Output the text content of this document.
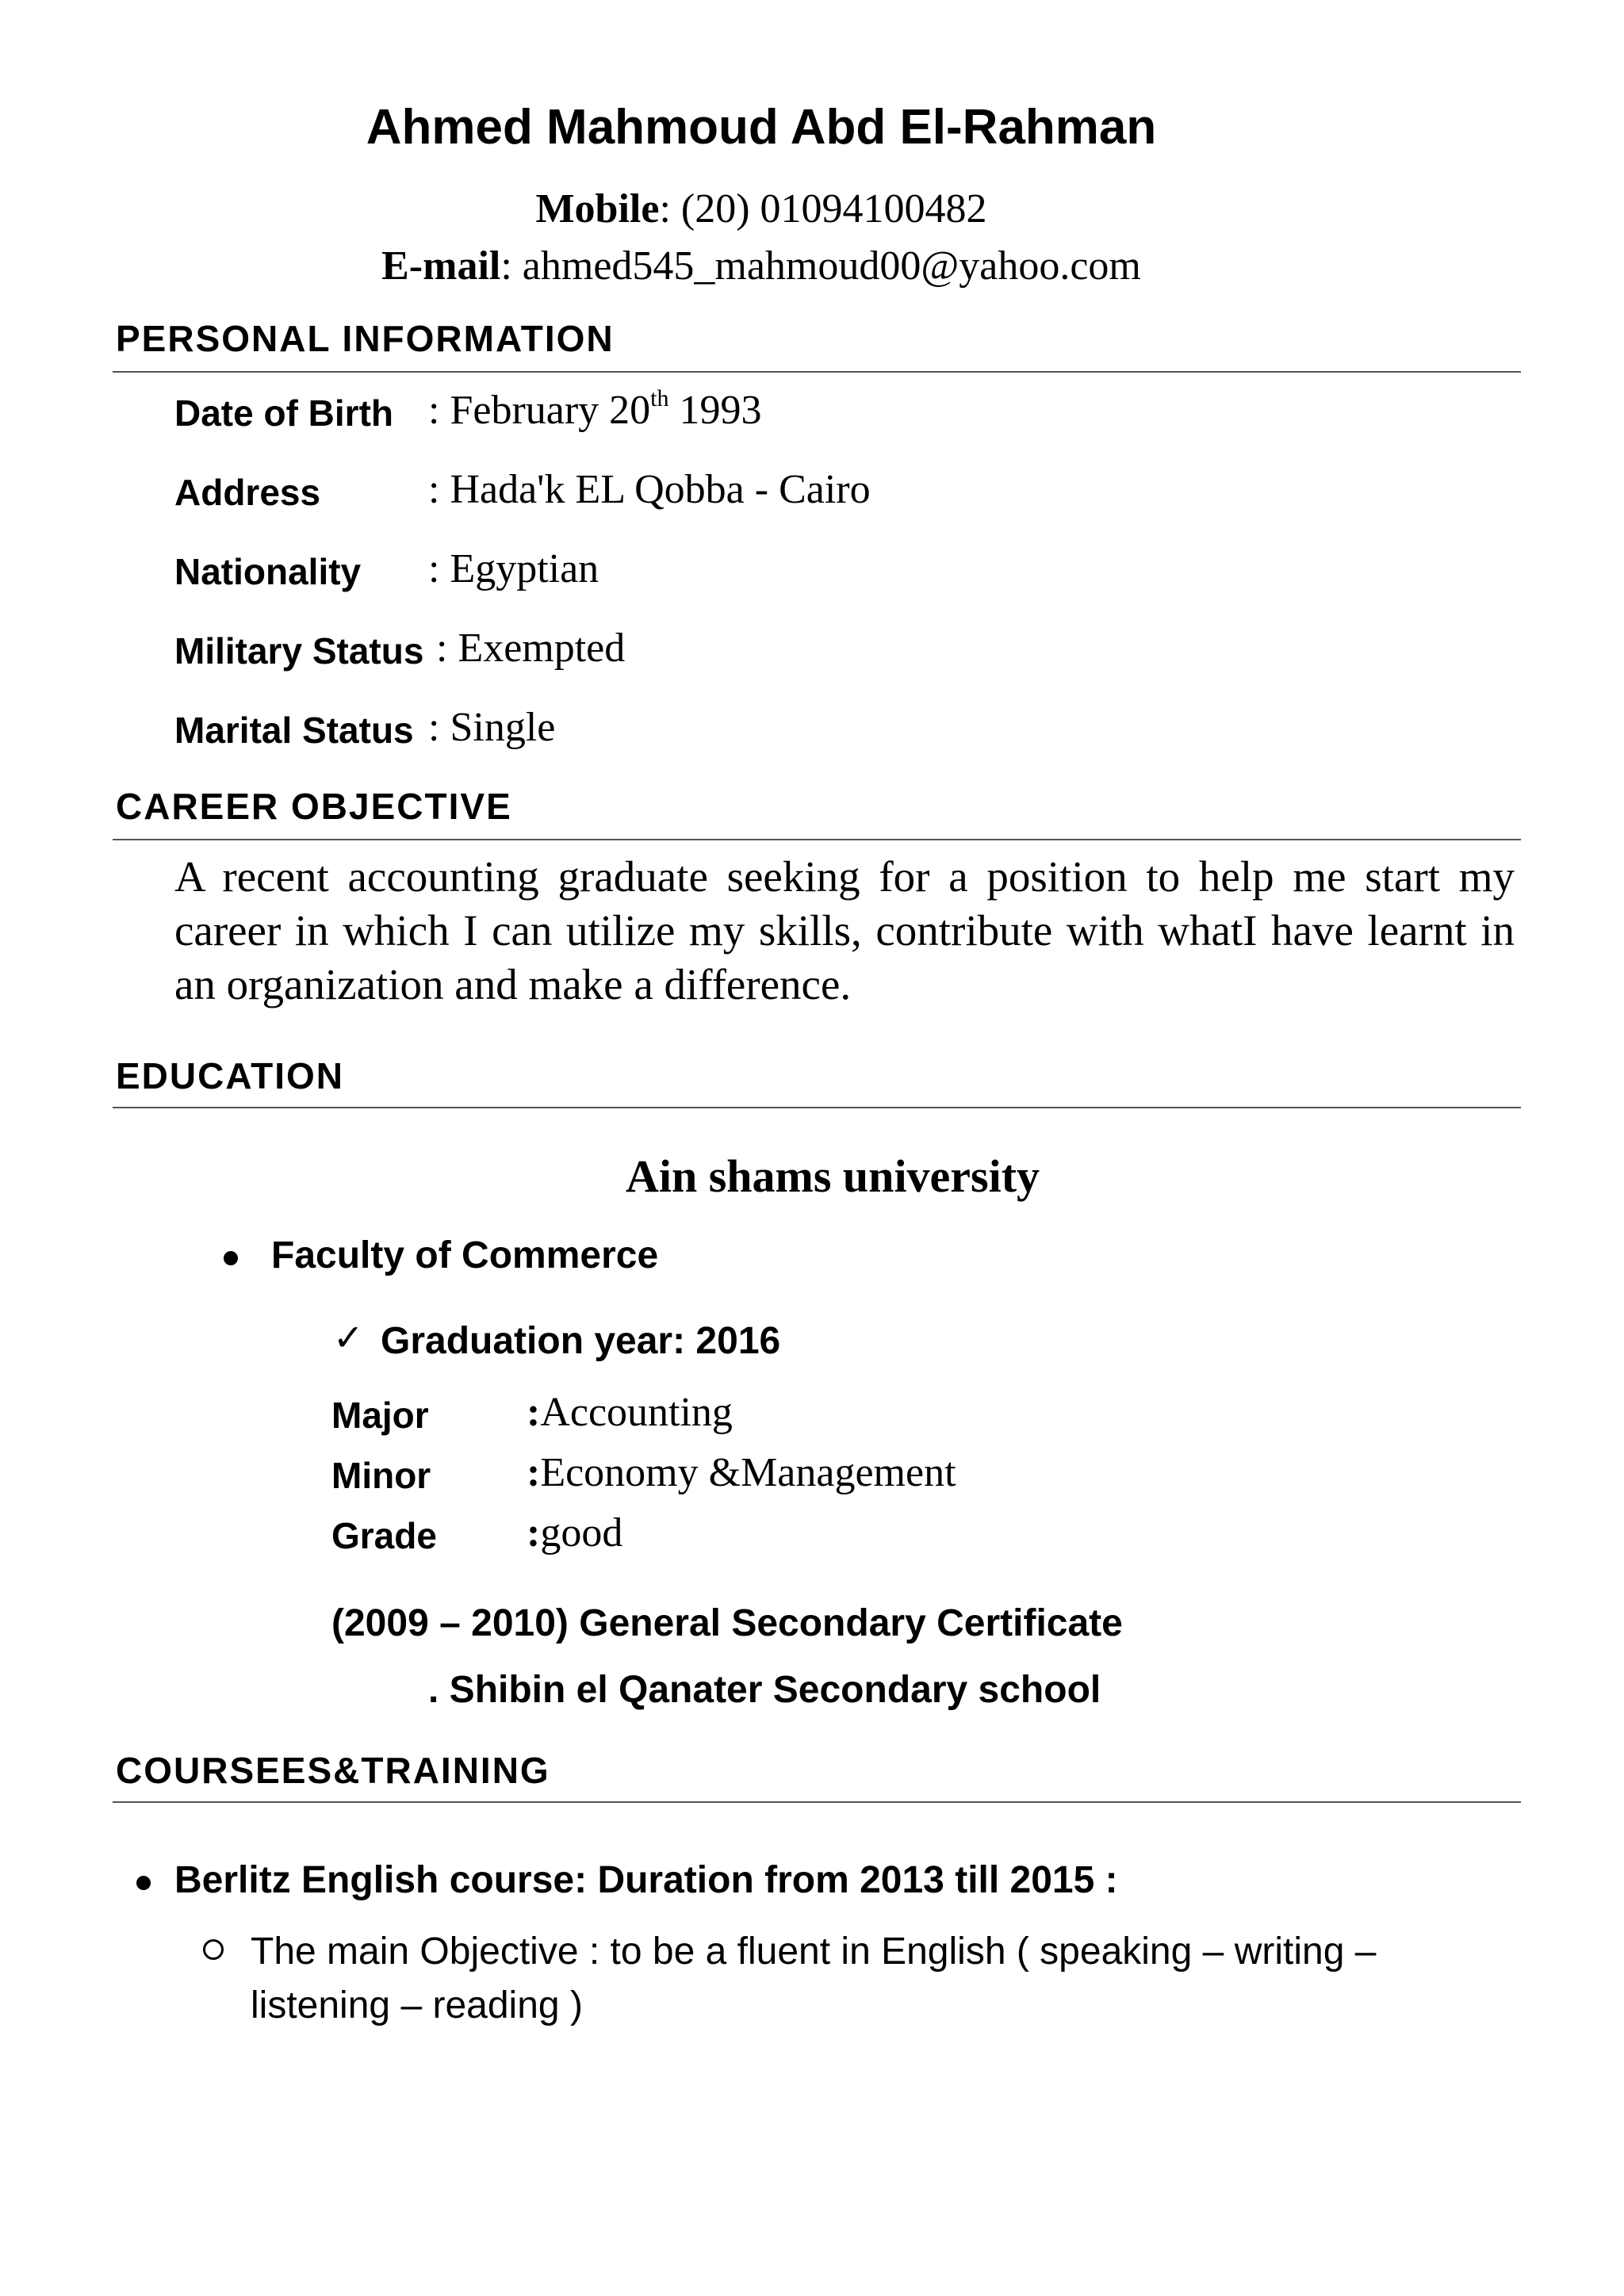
Ahmed Mahmoud Abd El-Rahman
Mobile: (20) 01094100482
E-mail: ahmed545_mahmoud00@yahoo.com
PERSONAL INFORMATION
Date of Birth : February 20th 1993
Address	: Hada'k EL Qobba - Cairo
Nationality : Egyptian
Military Status : Exempted
Marital Status : Single
CAREER OBJECTIVE
A recent accounting graduate seeking for a position to help me start my career in which I can utilize my skills, contribute with whatI have learnt in an organization and make a difference.
EDUCATION
Ain shams university
Faculty of Commerce
✓ Graduation year: 2016
Major :Accounting
Minor :Economy &Management
Grade :good
(2009 – 2010) General Secondary Certificate
. Shibin el Qanater Secondary school
COURSEES&TRAINING
Berlitz English course: Duration from 2013 till 2015 :
The main Objective : to be a fluent in English ( speaking – writing – listening – reading )
